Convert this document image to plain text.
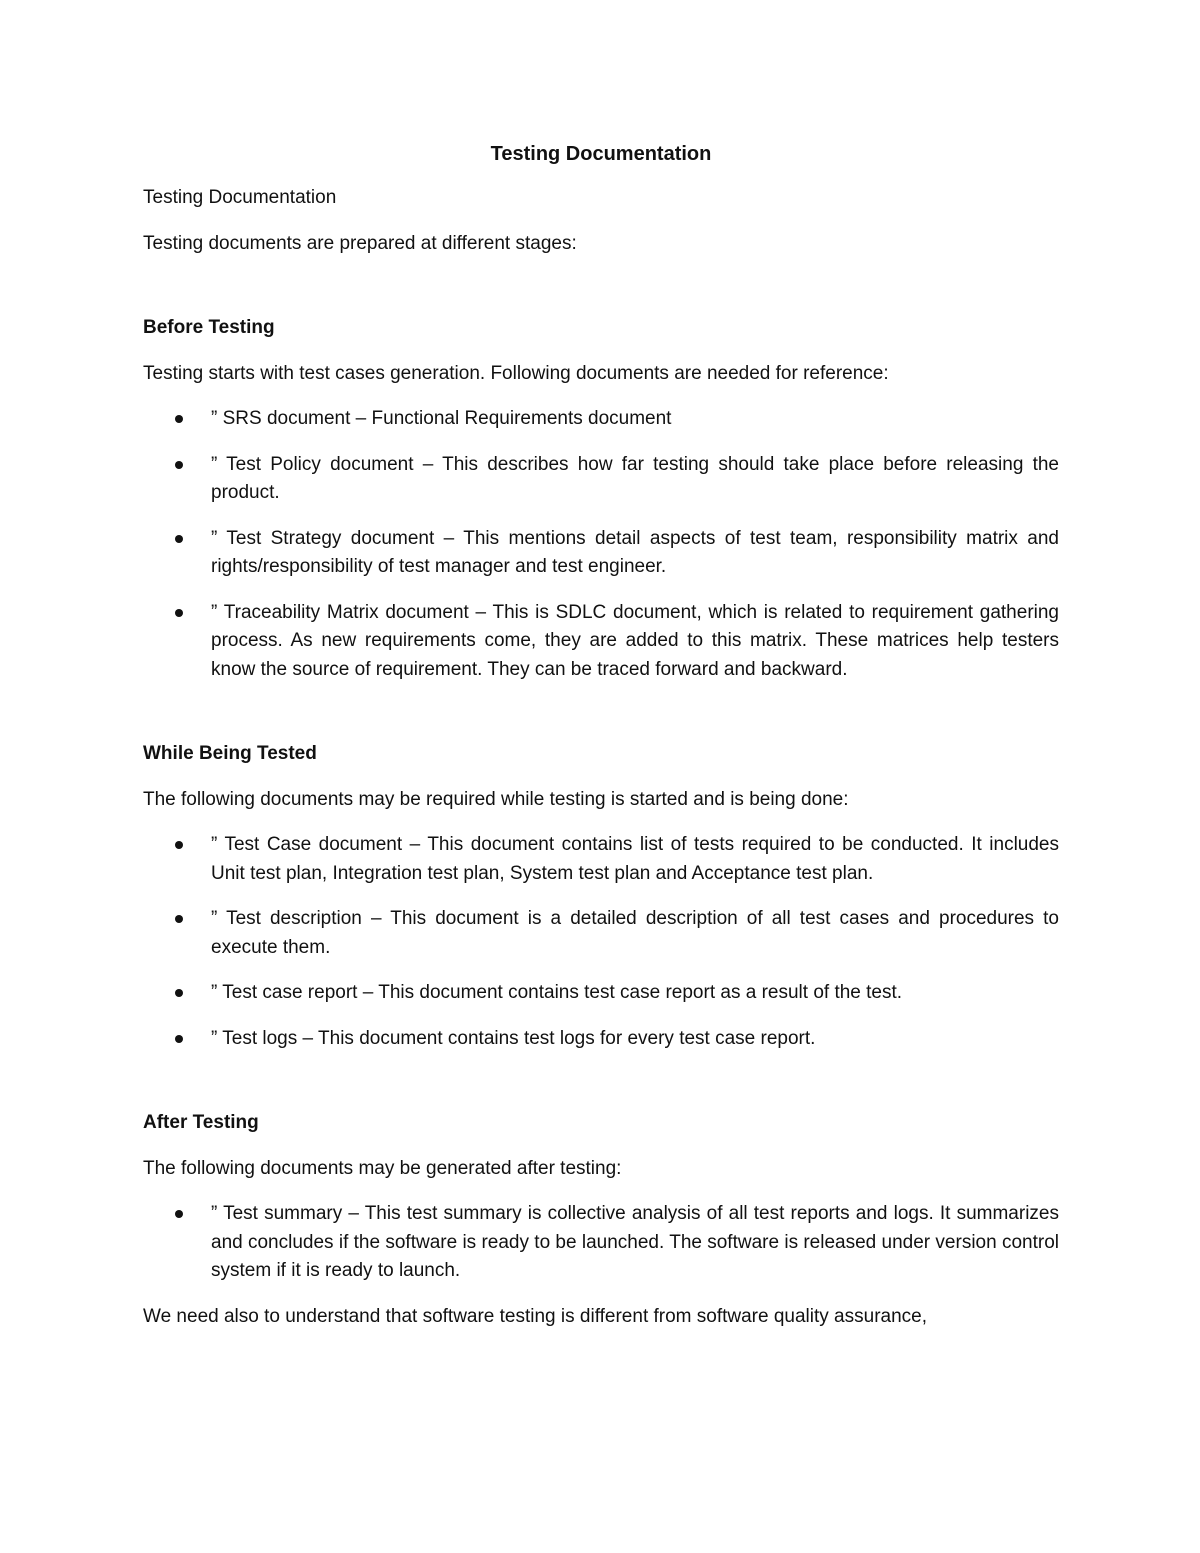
Testing Documentation

Testing Documentation

Testing documents are prepared at different stages:

Before Testing

Testing starts with test cases generation. Following documents are needed for reference:

” SRS document – Functional Requirements document
” Test Policy document – This describes how far testing should take place before releasing the product.
” Test Strategy document – This mentions detail aspects of test team, responsibility matrix and rights/responsibility of test manager and test engineer.
” Traceability Matrix document – This is SDLC document, which is related to requirement gathering process. As new requirements come, they are added to this matrix. These matrices help testers know the source of requirement. They can be traced forward and backward.
While Being Tested

The following documents may be required while testing is started and is being done:

” Test Case document – This document contains list of tests required to be conducted. It includes Unit test plan, Integration test plan, System test plan and Acceptance test plan.
” Test description – This document is a detailed description of all test cases and procedures to execute them.
” Test case report – This document contains test case report as a result of the test.
” Test logs – This document contains test logs for every test case report.
After Testing

The following documents may be generated after testing:

” Test summary – This test summary is collective analysis of all test reports and logs. It summarizes and concludes if the software is ready to be launched. The software is released under version control system if it is ready to launch.

We need also to understand that software testing is different from software quality assurance,
